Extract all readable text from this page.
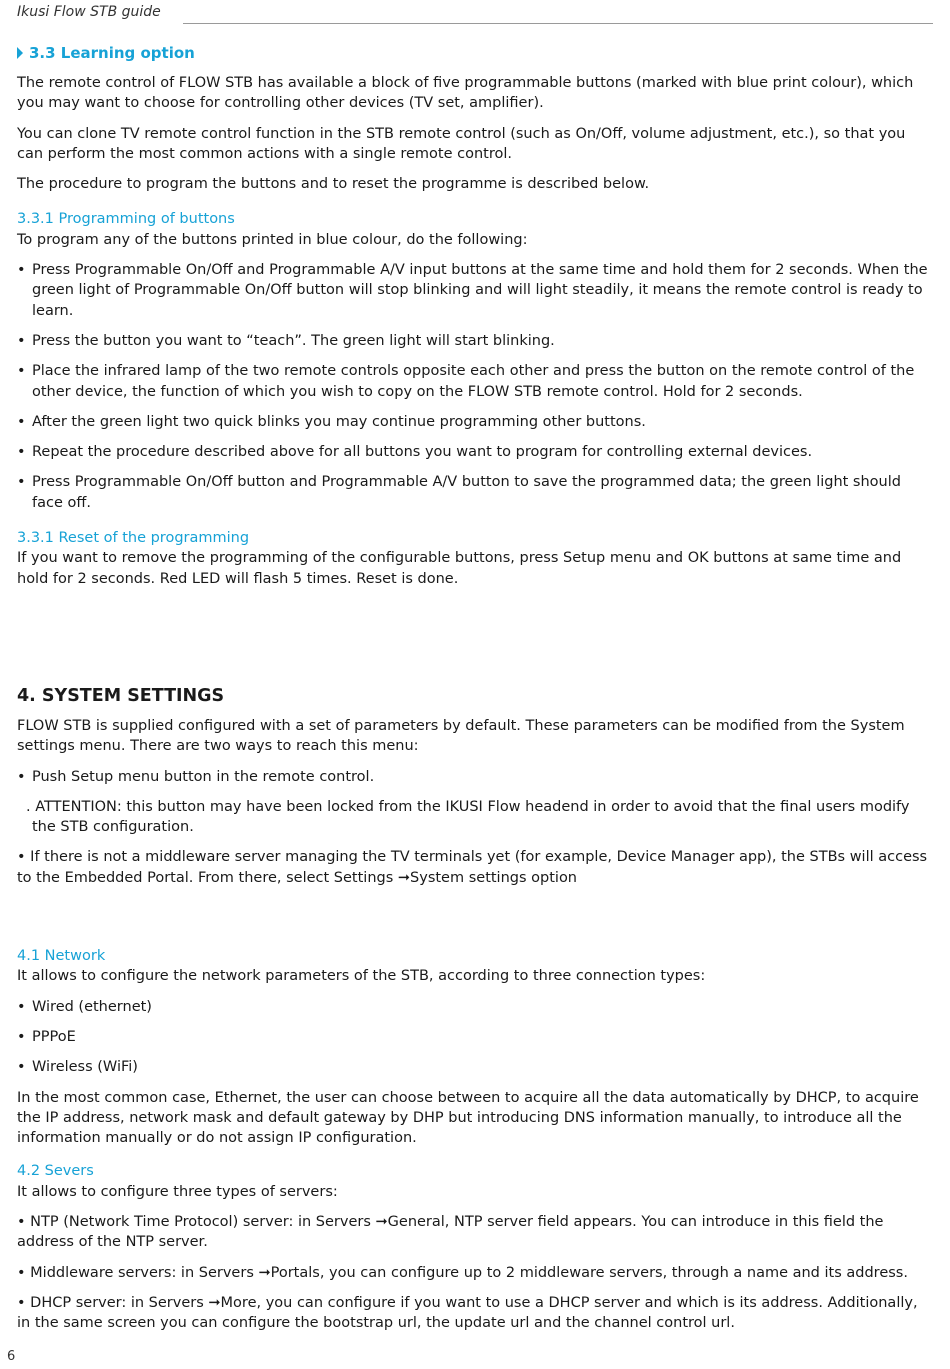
Ikusi Flow STB guide
3.3 Learning option

The remote control of FLOW STB has available a block of five programmable buttons (marked with blue print colour), which you may want to choose for controlling other devices (TV set, amplifier).

You can clone TV remote control function in the STB remote control (such as On/Off, volume adjustment, etc.), so that you can perform the most common actions with a single remote control.

The procedure to program the buttons and to reset the programme is described below.

3.3.1 Programming of buttons

To program any of the buttons printed in blue colour, do the following:

• Press Programmable On/Off and Programmable A/V input buttons at the same time and hold them for 2 seconds. When the green light of Programmable On/Off button will stop blinking and will light steadily, it means the remote control is ready to learn.

• Press the button you want to “teach”. The green light will start blinking.

• Place the infrared lamp of the two remote controls opposite each other and press the button on the remote control of the other device, the function of which you wish to copy on the FLOW STB remote control. Hold for 2 seconds.

• After the green light two quick blinks you may continue programming other buttons.

• Repeat the procedure described above for all buttons you want to program for controlling external devices.

• Press Programmable On/Off button and Programmable A/V button to save the programmed data; the green light should face off.

3.3.1 Reset of the programming

If you want to remove the programming of the configurable buttons, press Setup menu and OK buttons at same time and hold for 2 seconds. Red LED will flash 5 times. Reset is done.

4. SYSTEM SETTINGS

FLOW STB is supplied configured with a set of parameters by default. These parameters can be modified from the System settings menu. There are two ways to reach this menu:

• Push Setup menu button in the remote control.

. ATTENTION: this button may have been locked from the IKUSI Flow headend in order to avoid that the final users modify the STB configuration.

• If there is not a middleware server managing the TV terminals yet (for example, Device Manager app), the STBs will access to the Embedded Portal. From there, select Settings ➞System settings option

4.1 Network

It allows to configure the network parameters of the STB, according to three connection types:

• Wired (ethernet)

• PPPoE

• Wireless (WiFi)

In the most common case, Ethernet, the user can choose between to acquire all the data automatically by DHCP, to acquire the IP address, network mask and default gateway by DHP but introducing DNS information manually, to introduce all the information manually or do not assign IP configuration.

4.2 Severs

It allows to configure three types of servers:

• NTP (Network Time Protocol) server: in Servers ➞General, NTP server field appears. You can introduce in this field the address of the NTP server.

• Middleware servers: in Servers ➞Portals, you can configure up to 2 middleware servers, through a name and its address.

• DHCP server: in Servers ➞More, you can configure if you want to use a DHCP server and which is its address. Additionally, in the same screen you can configure the bootstrap url, the update url and the channel control url.

6
